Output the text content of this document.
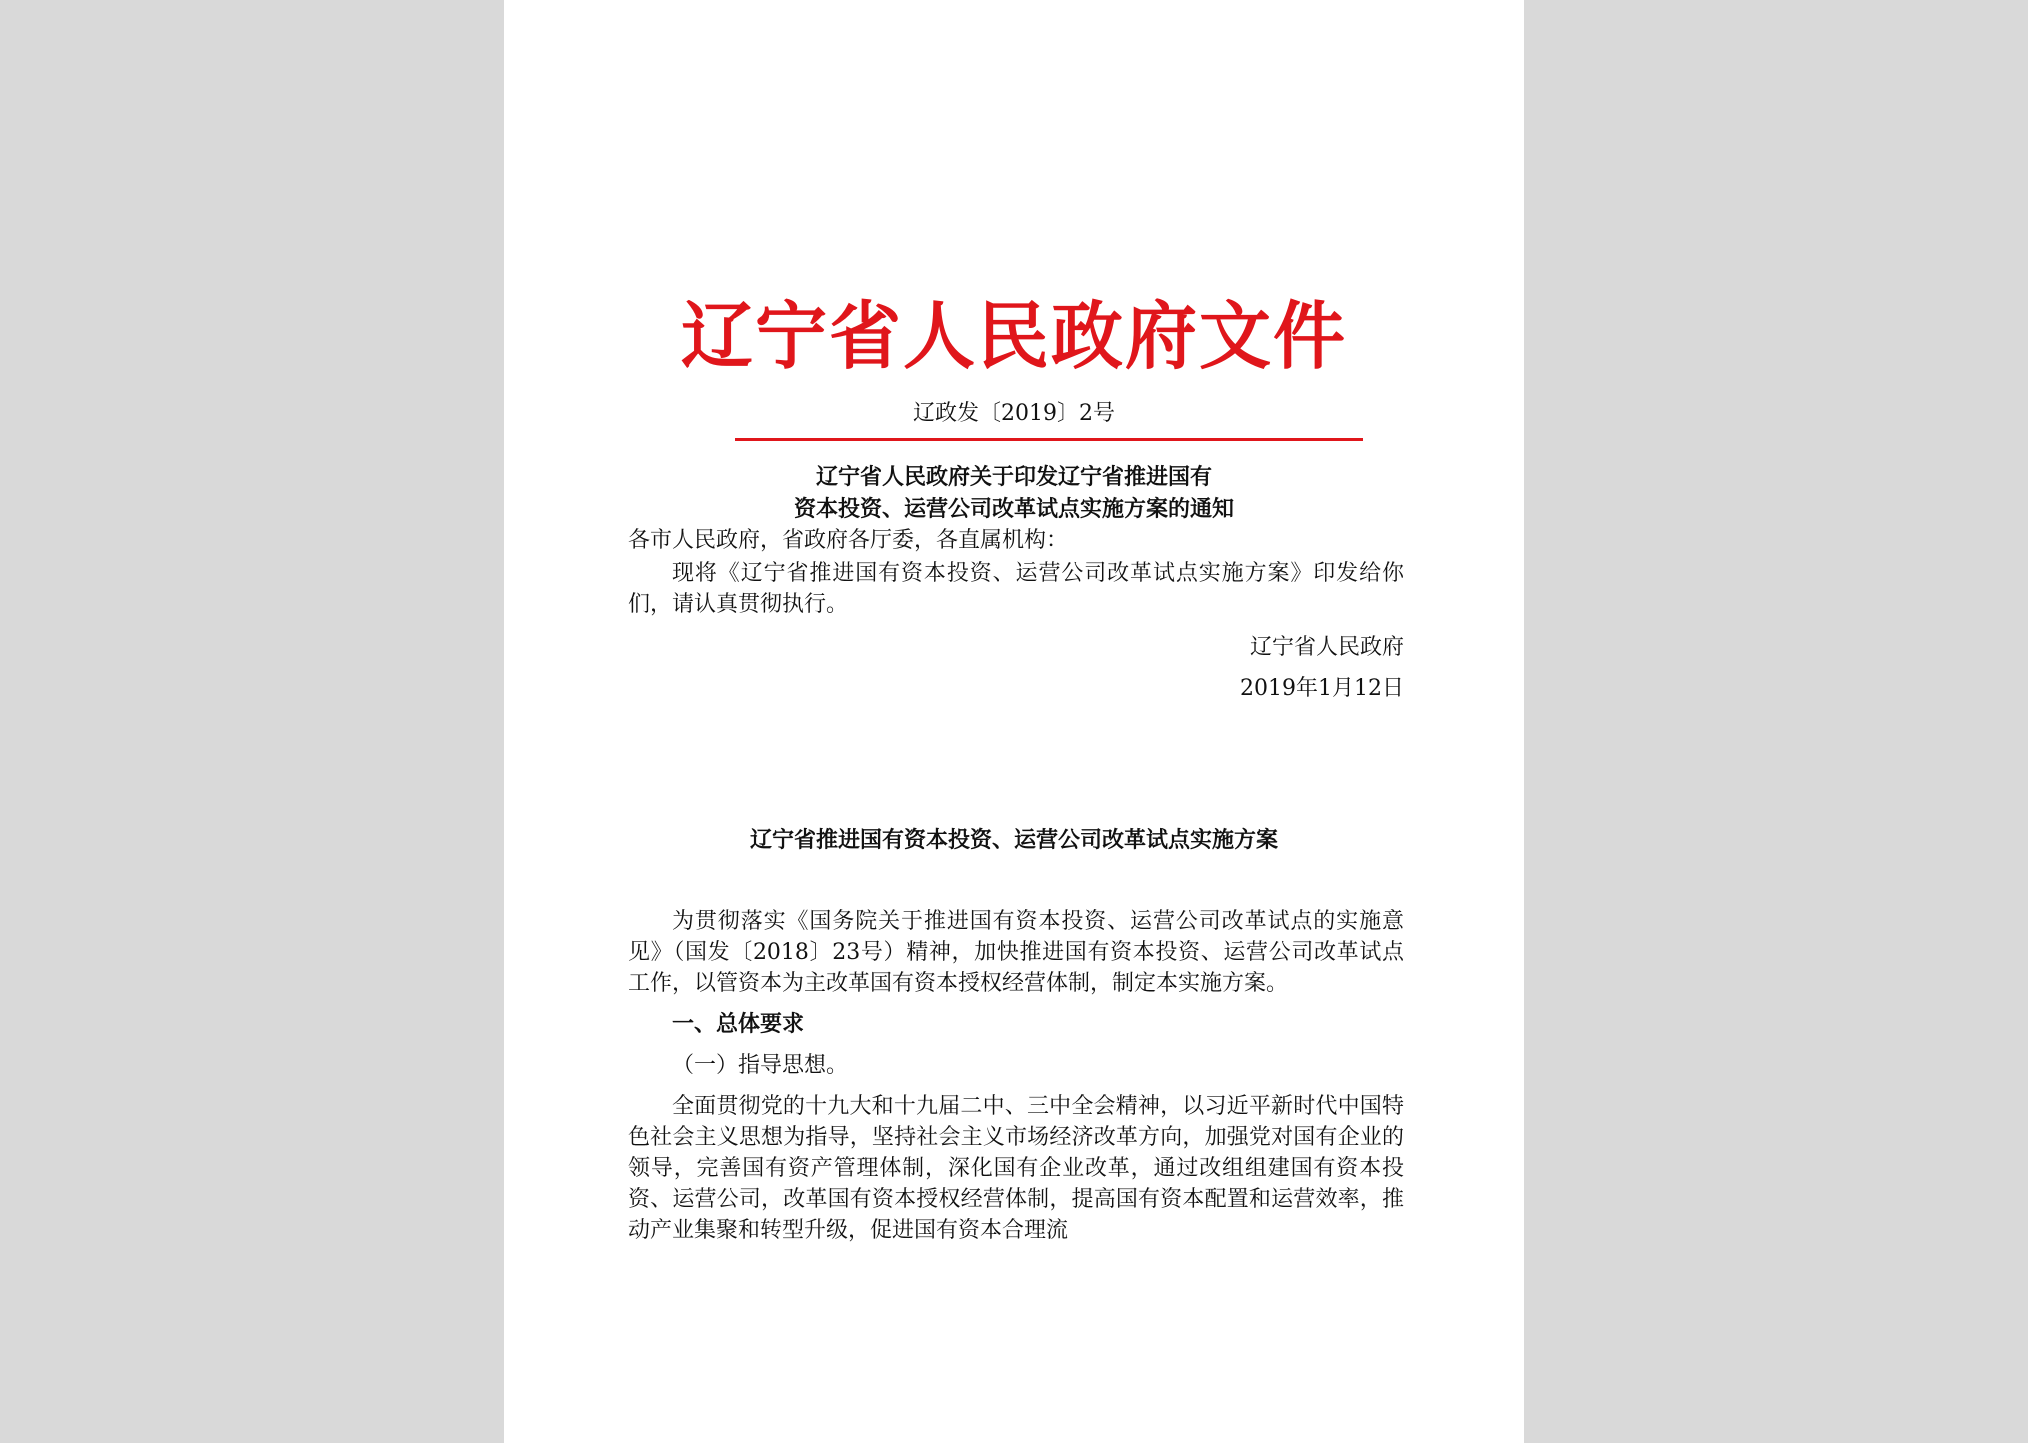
辽宁省人民政府文件
辽政发〔2019〕2号
辽宁省人民政府关于印发辽宁省推进国有
资本投资、运营公司改革试点实施方案的通知

各市人民政府，省政府各厅委，各直属机构：

现将《辽宁省推进国有资本投资、运营公司改革试点实施方案》印发给你们，请认真贯彻执行。

辽宁省人民政府

2019年1月12日

辽宁省推进国有资本投资、运营公司改革试点实施方案

为贯彻落实《国务院关于推进国有资本投资、运营公司改革试点的实施意见》（国发〔2018〕23号）精神，加快推进国有资本投资、运营公司改革试点工作，以管资本为主改革国有资本授权经营体制，制定本实施方案。

一、总体要求

（一）指导思想。

全面贯彻党的十九大和十九届二中、三中全会精神，以习近平新时代中国特色社会主义思想为指导，坚持社会主义市场经济改革方向，加强党对国有企业的领导，完善国有资产管理体制，深化国有企业改革，通过改组组建国有资本投资、运营公司，改革国有资本授权经营体制，提高国有资本配置和运营效率，推动产业集聚和转型升级，促进国有资本合理流
